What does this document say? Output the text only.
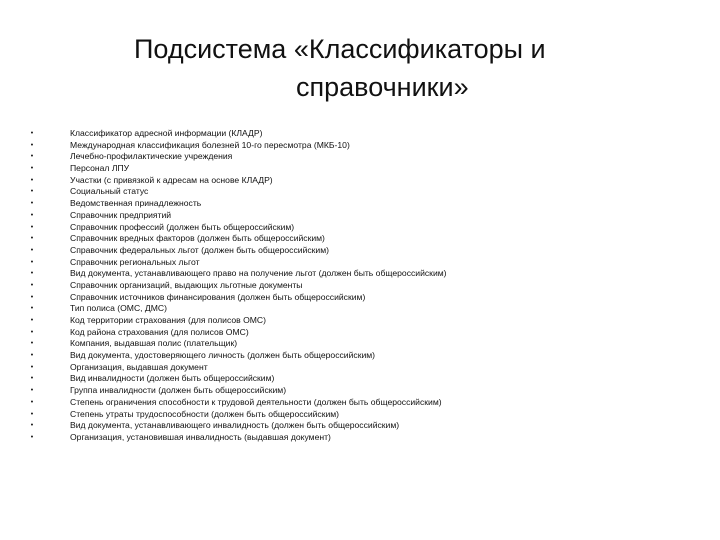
Подсистема «Классификаторы и
справочники»
•	Классификатор адресной информации (КЛАДР)
•	Международная классификация болезней 10-го пересмотра (МКБ-10)
•	Лечебно-профилактические учреждения
•	Персонал ЛПУ
•	Участки (с привязкой к адресам на основе КЛАДР)
•	Социальный статус
•	Ведомственная принадлежность
•	Справочник предприятий
•	Справочник профессий (должен быть общероссийским)
•	Справочник вредных факторов (должен быть общероссийским)
•	Справочник федеральных льгот (должен быть общероссийским)
•	Справочник региональных льгот
•	Вид документа, устанавливающего право на получение льгот (должен быть общероссийским)
•	Справочник организаций, выдающих льготные документы
•	Справочник источников финансирования (должен быть общероссийским)
•	Тип полиса (ОМС, ДМС)
•	Код территории страхования (для полисов ОМС)
•	Код района страхования (для полисов ОМС)
•	Компания, выдавшая полис (плательщик)
•	Вид документа, удостоверяющего личность (должен быть общероссийским)
•	Организация, выдавшая документ
•	Вид инвалидности (должен быть общероссийским)
•	Группа инвалидности (должен быть общероссийским)
•	Степень ограничения способности к трудовой деятельности (должен быть общероссийским)
•	Степень утраты трудоспособности (должен быть общероссийским)
•	Вид документа, устанавливающего инвалидность (должен быть общероссийским)
•	Организация, установившая инвалидность (выдавшая документ)
